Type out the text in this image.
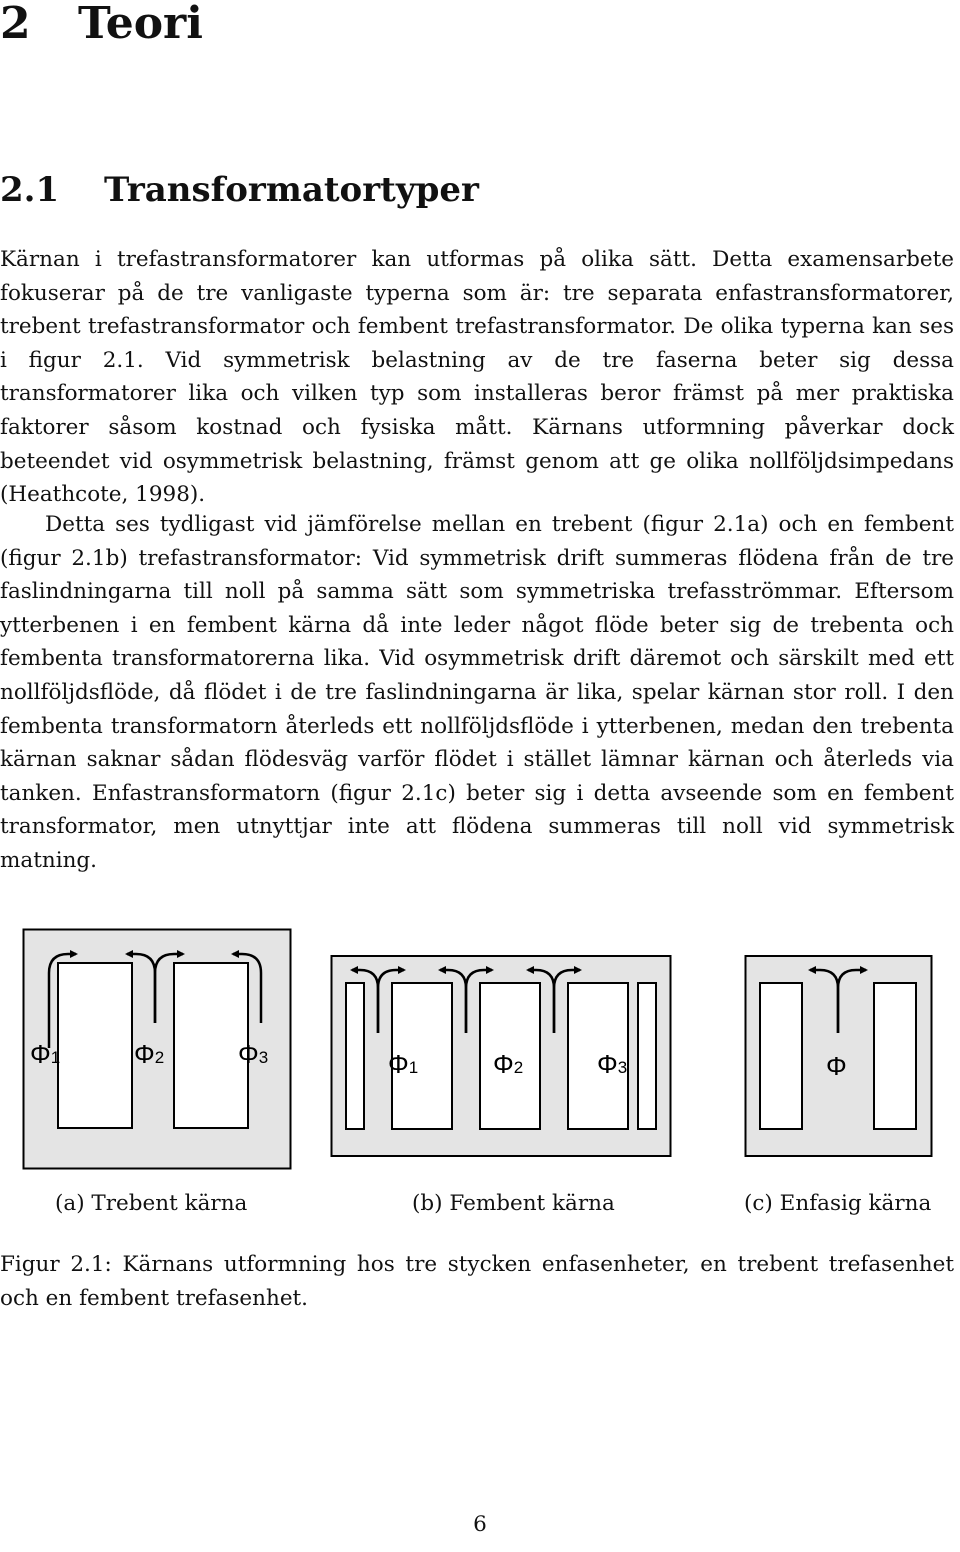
2 Teori
2.1 Transformatortyper

Kärnan i trefastransformatorer kan utformas på olika sätt. Detta examensarbete fokuserar på de tre vanligaste typerna som är: tre separata enfastransformatorer, trebent trefastransformator och fembent trefastransformator. De olika typerna kan ses i figur 2.1. Vid symmetrisk belastning av de tre faserna beter sig dessa transformatorer lika och vilken typ som installeras beror främst på mer praktiska faktorer såsom kostnad och fysiska mått. Kärnans utformning påverkar dock beteendet vid osymmetrisk belastning, främst genom att ge olika nollföljdsimpedans (Heathcote, 1998).

Detta ses tydligast vid jämförelse mellan en trebent (figur 2.1a) och en fembent (figur 2.1b) trefastransformator: Vid symmetrisk drift summeras flödena från de tre faslindningarna till noll på samma sätt som symmetriska trefasströmmar. Eftersom ytterbenen i en fembent kärna då inte leder något flöde beter sig de trebenta och fembenta transformatorerna lika. Vid osymmetrisk drift däremot och särskilt med ett nollföljdsflöde, då flödet i de tre faslindningarna är lika, spelar kärnan stor roll. I den fembenta transformatorn återleds ett nollföljdsflöde i ytterbenen, medan den trebenta kärnan saknar sådan flödesväg varför flödet i stället lämnar kärnan och återleds via tanken. Enfastransformatorn (figur 2.1c) beter sig i detta avseende som en fembent transformator, men utnyttjar inte att flödena summeras till noll vid symmetrisk matning.

Φ1	Φ2	Φ3	Φ1	Φ2	Φ3	Φ
(a) Trebent kärna	(b) Fembent kärna	(c) Enfasig kärna

Figur 2.1: Kärnans utformning hos tre stycken enfasenheter, en trebent trefasenhet och en fembent trefasenhet.

6
